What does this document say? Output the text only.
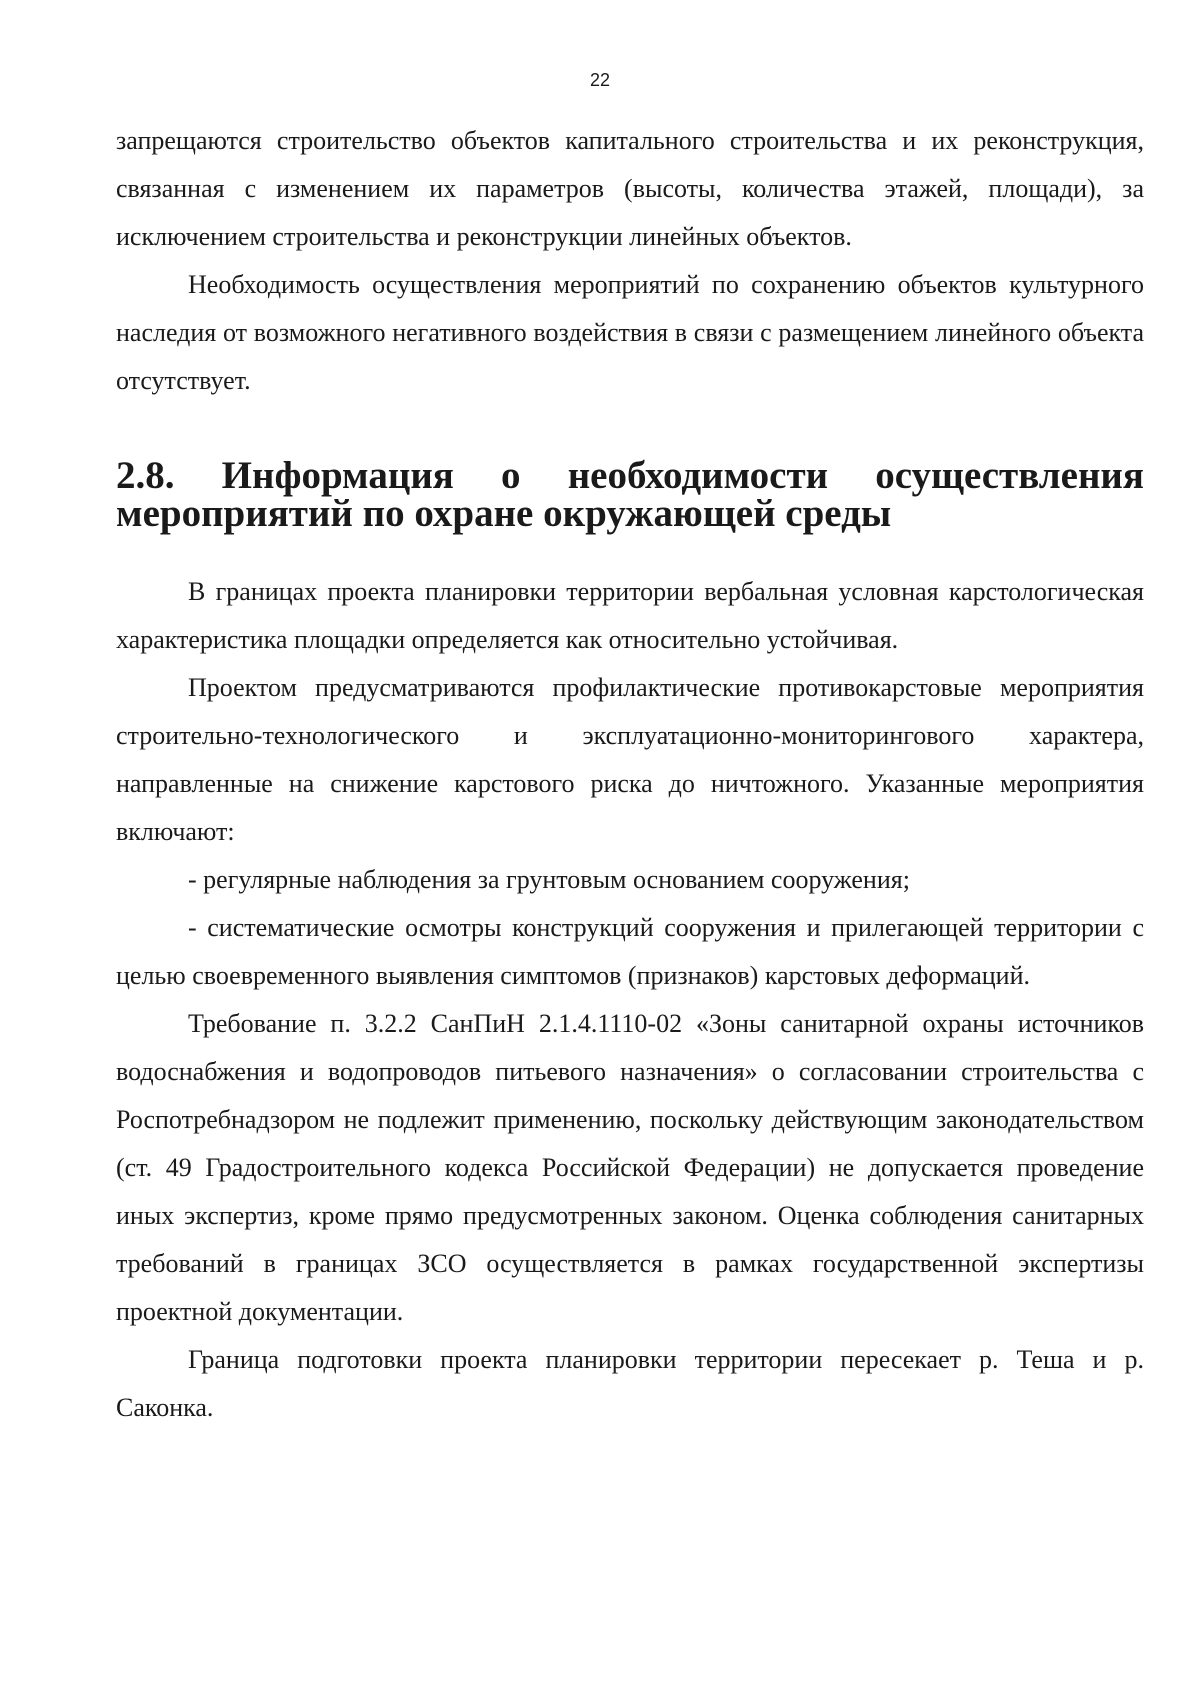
22

запрещаются строительство объектов капитального строительства и их реконструкция, связанная с изменением их параметров (высоты, количества этажей, площади), за исключением строительства и реконструкции линейных объектов.

Необходимость осуществления мероприятий по сохранению объектов культурного наследия от возможного негативного воздействия в связи с размещением линейного объекта отсутствует.

2.8. Информация о необходимости осуществления мероприятий по охране окружающей среды

В границах проекта планировки территории вербальная условная карстологическая характеристика площадки определяется как относительно устойчивая.

Проектом предусматриваются профилактические противокарстовые мероприятия строительно-технологического и эксплуатационно-мониторингового характера, направленные на снижение карстового риска до ничтожного. Указанные мероприятия включают:

- регулярные наблюдения за грунтовым основанием сооружения;

- систематические осмотры конструкций сооружения и прилегающей территории с целью своевременного выявления симптомов (признаков) карстовых деформаций.

Требование п. 3.2.2 СанПиН 2.1.4.1110-02 «Зоны санитарной охраны источников водоснабжения и водопроводов питьевого назначения» о согласовании строительства с Роспотребнадзором не подлежит применению, поскольку действующим законодательством (ст. 49 Градостроительного кодекса Российской Федерации) не допускается проведение иных экспертиз, кроме прямо предусмотренных законом. Оценка соблюдения санитарных требований в границах ЗСО осуществляется в рамках государственной экспертизы проектной документации.

Граница подготовки проекта планировки территории пересекает р. Теша и р. Саконка.
